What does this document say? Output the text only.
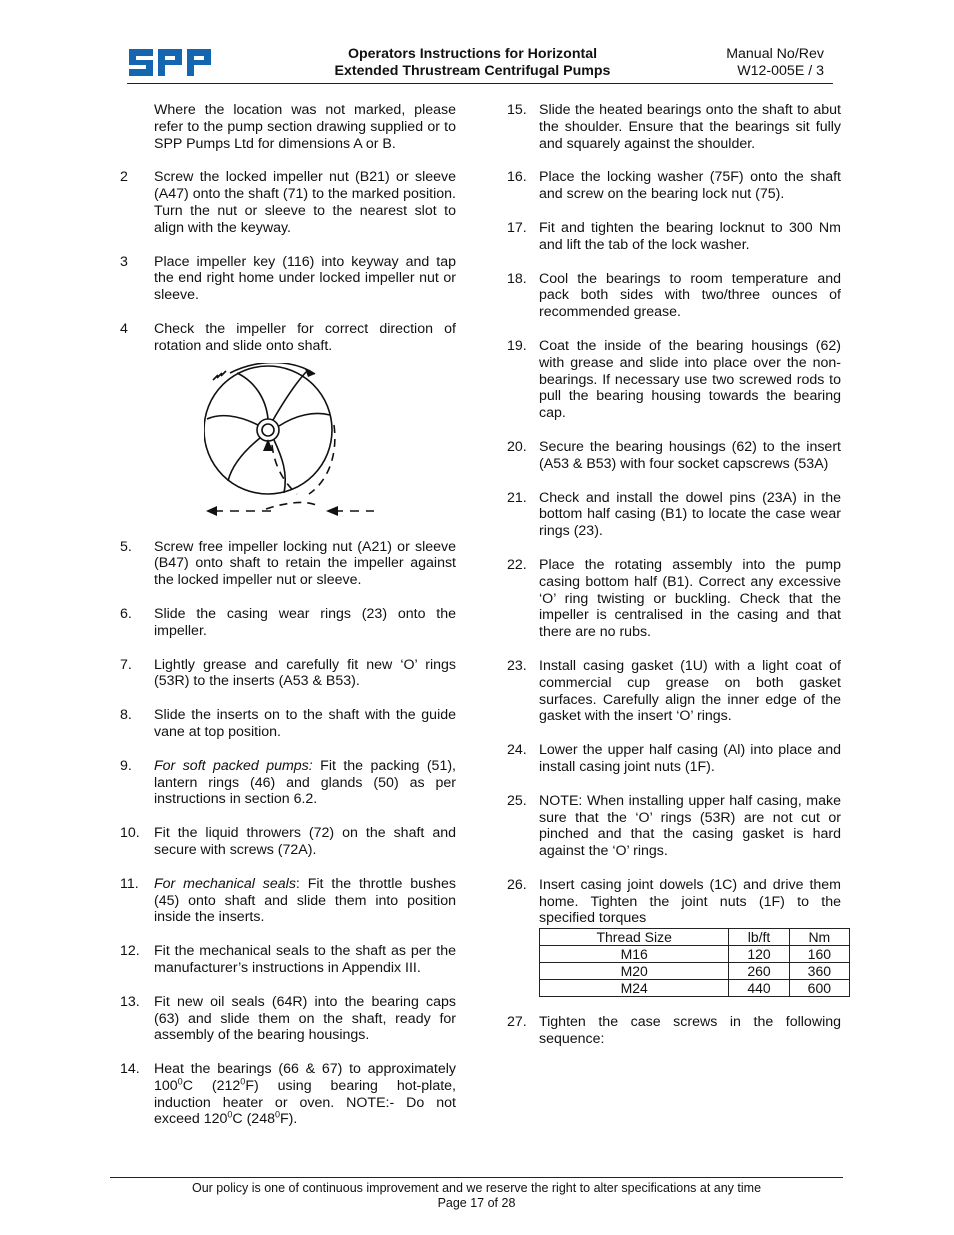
Operators Instructions for Horizontal
Extended Thrustream Centrifugal Pumps
Manual No/Rev
W12-005E / 3

Where the location was not marked, please refer to the pump section drawing supplied or to SPP Pumps Ltd for dimensions A or B.

2 Screw the locked impeller nut (B21) or sleeve (A47) onto the shaft (71) to the marked position. Turn the nut or sleeve to the nearest slot to align with the keyway.
3 Place impeller key (116) into keyway and tap the end right home under locked impeller nut or sleeve.
4 Check the impeller for correct direction of rotation and slide onto shaft.
5. Screw free impeller locking nut (A21) or sleeve (B47) onto shaft to retain the impeller against the locked impeller nut or sleeve.
6. Slide the casing wear rings (23) onto the impeller.
7. Lightly grease and carefully fit new ‘O’ rings (53R) to the inserts (A53 & B53).
8. Slide the inserts on to the shaft with the guide vane at top position.
9. For soft packed pumps: Fit the packing (51), lantern rings (46) and glands (50) as per instructions in section 6.2.
10. Fit the liquid throwers (72) on the shaft and secure with screws (72A).
11. For mechanical seals: Fit the throttle bushes (45) onto shaft and slide them into position inside the inserts.
12. Fit the mechanical seals to the shaft as per the manufacturer’s instructions in Appendix III.
13. Fit new oil seals (64R) into the bearing caps (63) and slide them on the shaft, ready for assembly of the bearing housings.
14. Heat the bearings (66 & 67) to approximately $100^0C$ $(212^0F)$ using bearing hot-plate, induction heater or oven. NOTE:- Do not exceed $120^0C$ $(248^0F)$.
15. Slide the heated bearings onto the shaft to abut the shoulder. Ensure that the bearings sit fully and squarely against the shoulder.
16. Place the locking washer (75F) onto the shaft and screw on the bearing lock nut (75).
17. Fit and tighten the bearing locknut to 300 Nm and lift the tab of the lock washer.
18. Cool the bearings to room temperature and pack both sides with two/three ounces of recommended grease.
19. Coat the inside of the bearing housings (62) with grease and slide into place over the non-bearings. If necessary use two screwed rods to pull the bearing housing towards the bearing cap.
20. Secure the bearing housings (62) to the insert (A53 & B53) with four socket capscrews (53A)
21. Check and install the dowel pins (23A) in the bottom half casing (B1) to locate the case wear rings (23).
22. Place the rotating assembly into the pump casing bottom half (B1). Correct any excessive ‘O’ ring twisting or buckling. Check that the impeller is centralised in the casing and that there are no rubs.
23. Install casing gasket (1U) with a light coat of commercial cup grease on both gasket surfaces. Carefully align the inner edge of the gasket with the insert ‘O’ rings.
24. Lower the upper half casing (Al) into place and install casing joint nuts (1F).
25. NOTE: When installing upper half casing, make sure that the ‘O’ rings (53R) are not cut or pinched and that the casing gasket is hard against the ‘O’ rings.
26. Insert casing joint dowels (1C) and drive them home. Tighten the joint nuts (1F) to the specified torques
Thread Size	lb/ft	Nm
M16	120	160
M20	260	360
M24	440	600
27. Tighten the case screws in the following sequence:
Our policy is one of continuous improvement and we reserve the right to alter specifications at any time
Page 17 of 28
